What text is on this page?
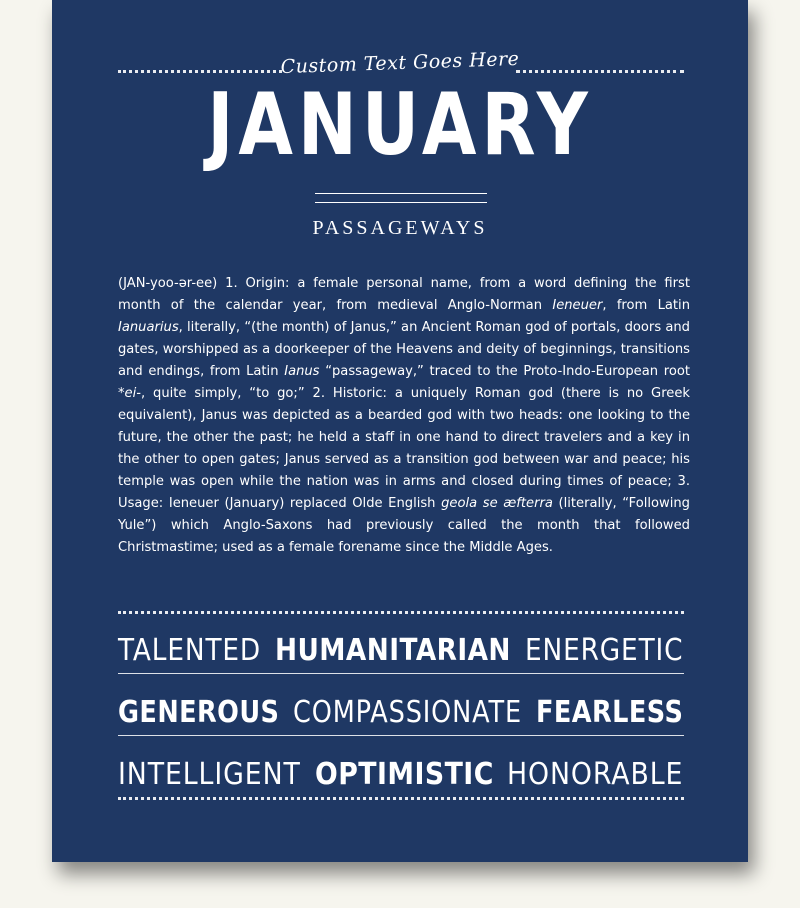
Custom Text Goes Here
JANUARY
PASSAGEWAYS

(JAN-yoo-ər-ee) 1. Origin: a female personal name, from a word defining the first month of the calendar year, from medieval Anglo-Norman Ieneuer, from Latin Ianuarius, literally, “(the month) of Janus,” an Ancient Roman god of portals, doors and gates, worshipped as a doorkeeper of the Heavens and deity of beginnings, transitions and endings, from Latin Ianus “passageway,” traced to the Proto-Indo-European root *ei-, quite simply, “to go;” 2. Historic: a uniquely Roman god (there is no Greek equivalent), Janus was depicted as a bearded god with two heads: one looking to the future, the other the past; he held a staff in one hand to direct travelers and a key in the other to open gates; Janus served as a transition god between war and peace; his temple was open while the nation was in arms and closed during times of peace; 3. Usage: Ieneuer (January) replaced Olde English geola se æfterra (literally, “Following Yule”) which Anglo-Saxons had previously called the month that followed Christmastime; used as a female forename since the Middle Ages.

TALENTED HUMANITARIAN ENERGETIC
GENEROUS COMPASSIONATE FEARLESS
INTELLIGENT OPTIMISTIC HONORABLE
